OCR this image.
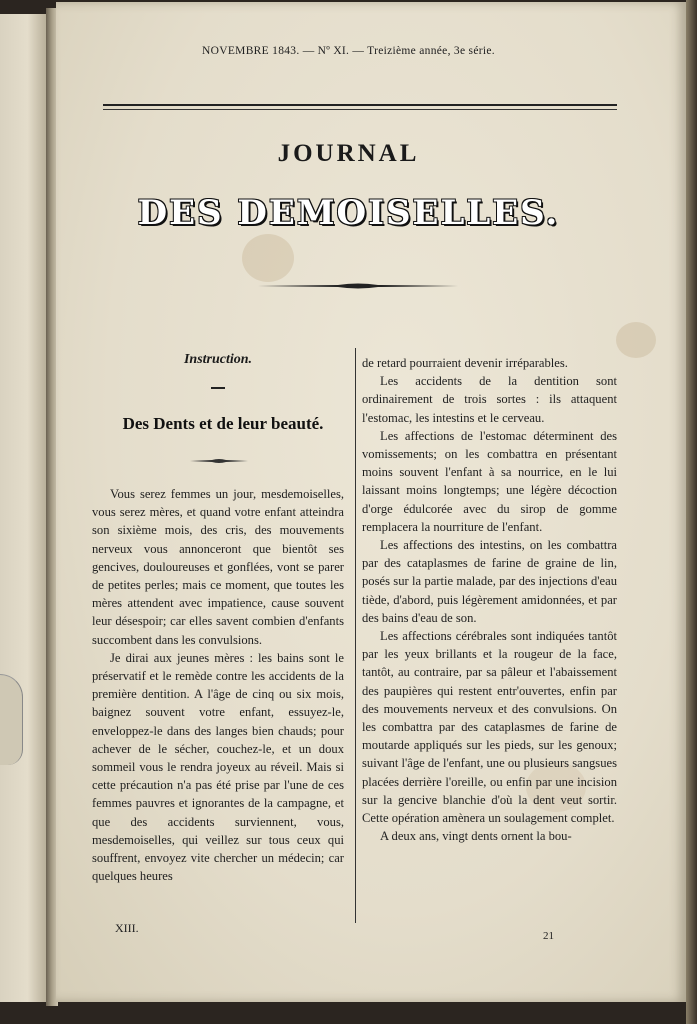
NOVEMBRE 1843. — Nº XI. — Treizième année, 3e série.
JOURNAL
DES DEMOISELLES.
Instruction.
Des Dents et de leur beauté.

Vous serez femmes un jour, mesdemoiselles, vous serez mères, et quand votre enfant atteindra son sixième mois, des cris, des mouvements nerveux vous annonceront que bientôt ses gencives, douloureuses et gonflées, vont se parer de petites perles; mais ce moment, que toutes les mères attendent avec impatience, cause souvent leur désespoir; car elles savent combien d'enfants succombent dans les convulsions.

Je dirai aux jeunes mères : les bains sont le préservatif et le remède contre les accidents de la première dentition. A l'âge de cinq ou six mois, baignez souvent votre enfant, essuyez-le, enveloppez-le dans des langes bien chauds; pour achever de le sécher, couchez-le, et un doux sommeil vous le rendra joyeux au réveil. Mais si cette précaution n'a pas été prise par l'une de ces femmes pauvres et ignorantes de la campagne, et que des accidents surviennent, vous, mesdemoiselles, qui veillez sur tous ceux qui souffrent, envoyez vite chercher un médecin; car quelques heures

de retard pourraient devenir irréparables.

Les accidents de la dentition sont ordinairement de trois sortes : ils attaquent l'estomac, les intestins et le cerveau.

Les affections de l'estomac déterminent des vomissements; on les combattra en présentant moins souvent l'enfant à sa nourrice, en le lui laissant moins longtemps; une légère décoction d'orge édulcorée avec du sirop de gomme remplacera la nourriture de l'enfant.

Les affections des intestins, on les combattra par des cataplasmes de farine de graine de lin, posés sur la partie malade, par des injections d'eau tiède, d'abord, puis légèrement amidonnées, et par des bains d'eau de son.

Les affections cérébrales sont indiquées tantôt par les yeux brillants et la rougeur de la face, tantôt, au contraire, par sa pâleur et l'abaissement des paupières qui restent entr'ouvertes, enfin par des mouvements nerveux et des convulsions. On les combattra par des cataplasmes de farine de moutarde appliqués sur les pieds, sur les genoux; suivant l'âge de l'enfant, une ou plusieurs sangsues placées derrière l'oreille, ou enfin par une incision sur la gencive blanchie d'où la dent veut sortir. Cette opération amènera un soulagement complet.

A deux ans, vingt dents ornent la bou-

XIII.
21
